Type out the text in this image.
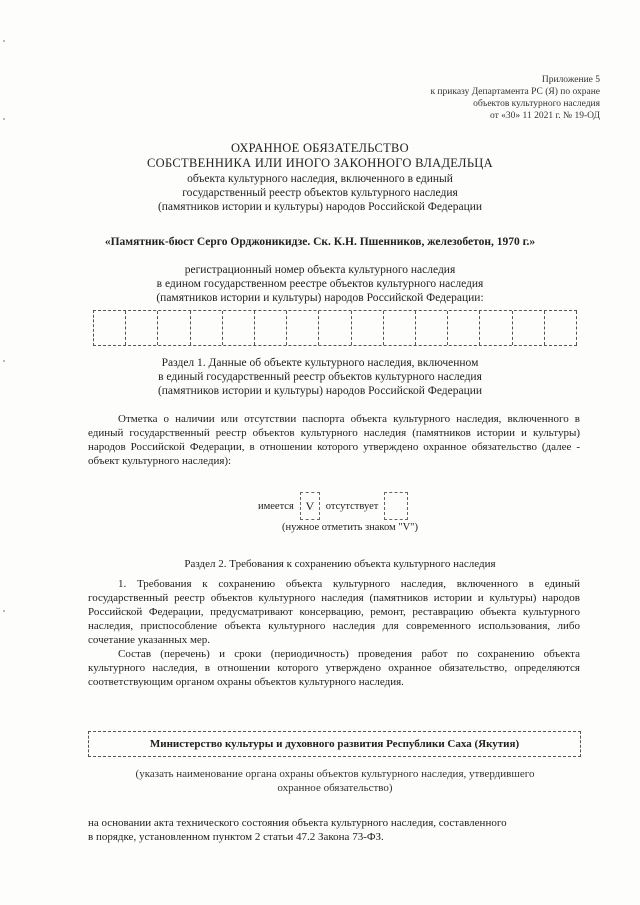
Приложение 5
к приказу Департамента РС (Я) по охране
объектов культурного наследия
от «30» 11 2021 г. № 19-ОД
ОХРАННОЕ ОБЯЗАТЕЛЬСТВО
СОБСТВЕННИКА ИЛИ ИНОГО ЗАКОННОГО ВЛАДЕЛЬЦА
объекта культурного наследия, включенного в единый
государственный реестр объектов культурного наследия
(памятников истории и культуры) народов Российской Федерации
«Памятник-бюст Серго Орджоникидзе. Ск. К.Н. Пшенников, железобетон, 1970 г.»
регистрационный номер объекта культурного наследия
в едином государственном реестре объектов культурного наследия
(памятников истории и культуры) народов Российской Федерации:
Раздел 1. Данные об объекте культурного наследия, включенном
в единый государственный реестр объектов культурного наследия
(памятников истории и культуры) народов Российской Федерации
Отметка о наличии или отсутствии паспорта объекта культурного наследия, включенного в единый государственный реестр объектов культурного наследия (памятников истории и культуры) народов Российской Федерации, в отношении которого утверждено охранное обязательство (далее - объект культурного наследия):
имеется V	отсутствует
(нужное отметить знаком "V")
Раздел 2. Требования к сохранению объекта культурного наследия
1. Требования к сохранению объекта культурного наследия, включенного в единый государственный реестр объектов культурного наследия (памятников истории и культуры) народов Российской Федерации, предусматривают консервацию, ремонт, реставрацию объекта культурного наследия, приспособление объекта культурного наследия для современного использования, либо сочетание указанных мер.
Состав (перечень) и сроки (периодичность) проведения работ по сохранению объекта культурного наследия, в отношении которого утверждено охранное обязательство, определяются соответствующим органом охраны объектов культурного наследия.
Министерство культуры и духовного развития Республики Саха (Якутия)
(указать наименование органа охраны объектов культурного наследия, утвердившего
охранное обязательство)
на основании акта технического состояния объекта культурного наследия, составленного
в порядке, установленном пунктом 2 статьи 47.2 Закона 73-ФЗ.
